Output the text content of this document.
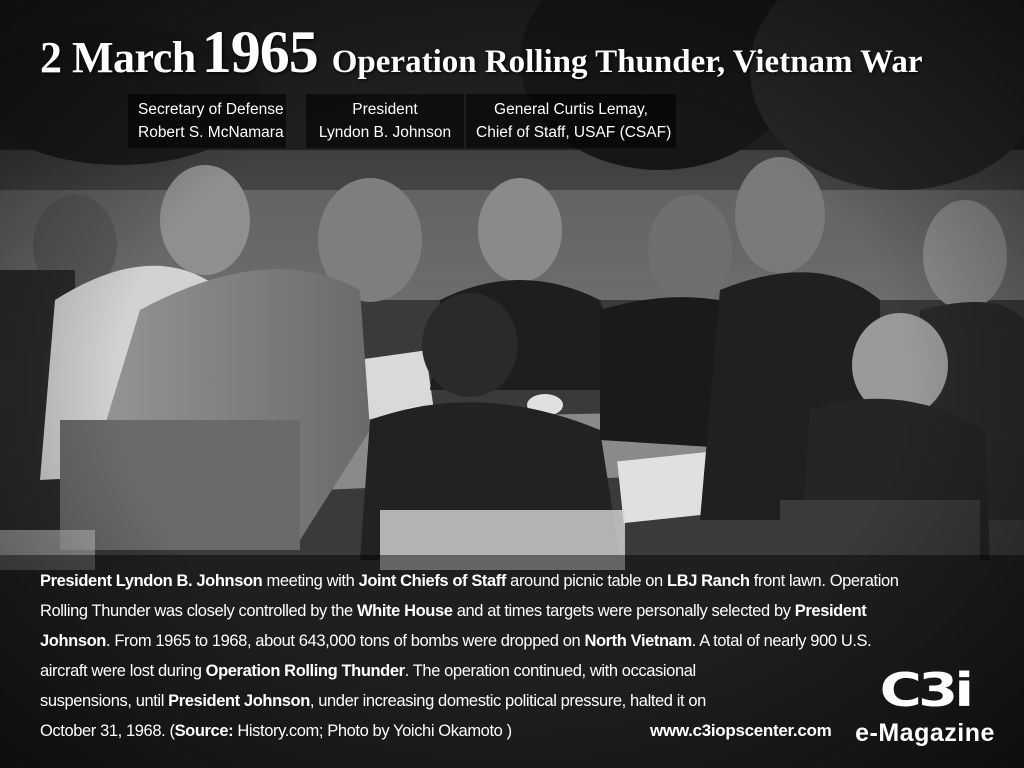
2 March 1965 Operation Rolling Thunder, Vietnam War
Secretary of Defense
Robert S. McNamara
President
Lyndon B. Johnson
General Curtis Lemay,
Chief of Staff, USAF (CSAF)
President Lyndon B. Johnson meeting with Joint Chiefs of Staff around picnic table on LBJ Ranch front lawn. Operation
Rolling Thunder was closely controlled by the White House and at times targets were personally selected by President
Johnson. From 1965 to 1968, about 643,000 tons of bombs were dropped on North Vietnam. A total of nearly 900 U.S.
aircraft were lost during Operation Rolling Thunder. The operation continued, with occasional
suspensions, until President Johnson, under increasing domestic political pressure, halted it on
October 31, 1968. (Source: History.com; Photo by Yoichi Okamoto )	www.c3iopscenter.com
C3i
e-Magazine
